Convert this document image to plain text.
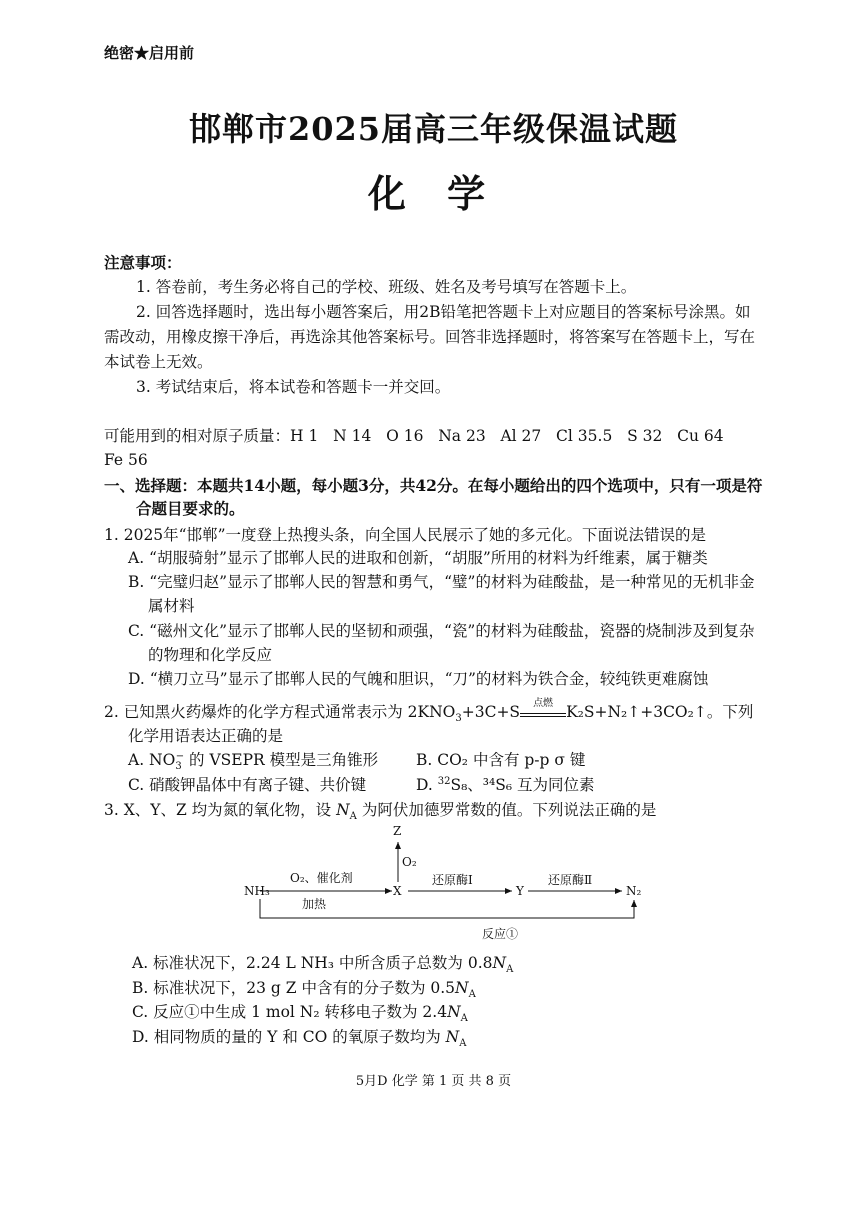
绝密★启用前
邯郸市2025届高三年级保温试题
化 学
注意事项：
1. 答卷前，考生务必将自己的学校、班级、姓名及考号填写在答题卡上。
2. 回答选择题时，选出每小题答案后，用2B铅笔把答题卡上对应题目的答案标号涂黑。如
需改动，用橡皮擦干净后，再选涂其他答案标号。回答非选择题时，将答案写在答题卡上，写在
本试卷上无效。
3. 考试结束后，将本试卷和答题卡一并交回。
可能用到的相对原子质量：H 1   N 14   O 16   Na 23   Al 27   Cl 35.5   S 32   Cu 64
Fe 56
一、选择题：本题共14小题，每小题3分，共42分。在每小题给出的四个选项中，只有一项是符
合题目要求的。
1. 2025年“邯郸”一度登上热搜头条，向全国人民展示了她的多元化。下面说法错误的是
A. “胡服骑射”显示了邯郸人民的进取和创新，“胡服”所用的材料为纤维素，属于糖类
B. “完璧归赵”显示了邯郸人民的智慧和勇气，“璧”的材料为硅酸盐，是一种常见的无机非金
属材料
C. “磁州文化”显示了邯郸人民的坚韧和顽强，“瓷”的材料为硅酸盐，瓷器的烧制涉及到复杂
的物理和化学反应
D. “横刀立马”显示了邯郸人民的气魄和胆识，“刀”的材料为铁合金，较纯铁更难腐蚀
2. 已知黑火药爆炸的化学方程式通常表示为 $2KNO_3+3C+S$	点燃 K₂S+N₂↑+3CO₂↑。下列
化学用语表达正确的是
A. $NO_3^-$ 的 VSEPR 模型是三角锥形 B. CO₂ 中含有 p-p σ 键
C. 硝酸钾晶体中有离子键、共价键	D. $^{32}$S₈、³⁴S₆ 互为同位素
3. X、Y、Z 均为氮的氧化物，设 $N_A$ 为阿伏加德罗常数的值。下列说法正确的是
NH₃
O₂、催化剂
加热
X
Z
O₂
还原酶Ⅰ
Y
还原酶Ⅱ
N₂
反应①
A. 标准状况下，2.24 L NH₃ 中所含质子总数为 $0.8N_A$
B. 标准状况下，23 g Z 中含有的分子数为 $0.5N_A$
C. 反应①中生成 1 mol N₂ 转移电子数为 $2.4N_A$
D. 相同物质的量的 Y 和 CO 的氧原子数均为 $N_A$
5月D 化学 第 1 页 共 8 页
